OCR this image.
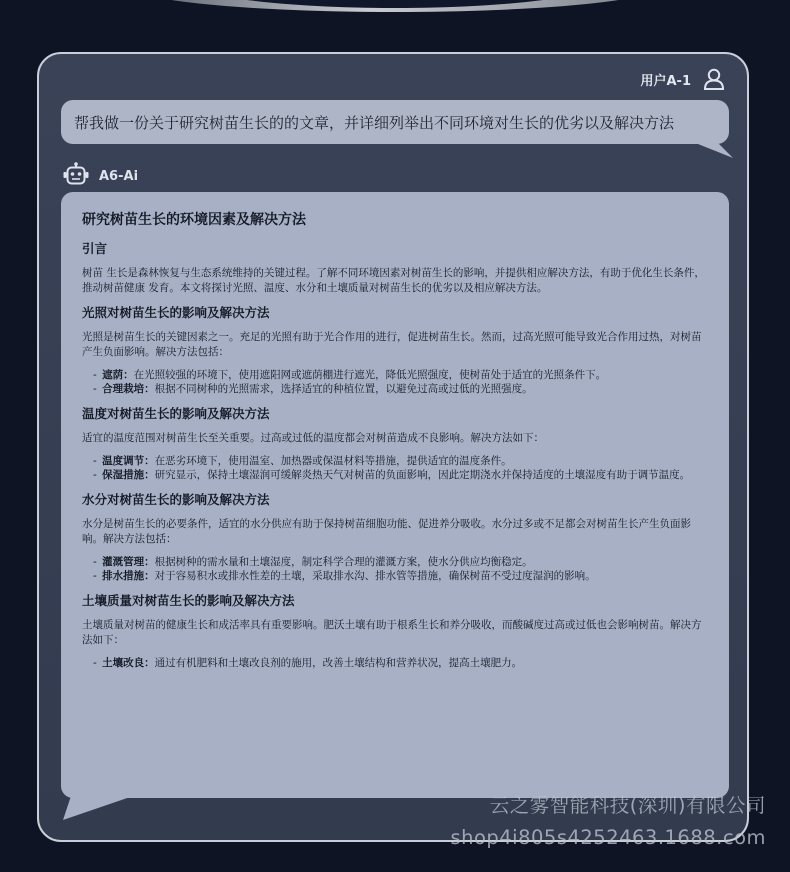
用户A-1
帮我做一份关于研究树苗生长的的文章，并详细列举出不同环境对生长的优劣以及解决方法
A6-Ai
研究树苗生长的环境因素及解决方法
引言
树苗 生长是森林恢复与生态系统维持的关键过程。了解不同环境因素对树苗生长的影响，并提供相应解决方法，有助于优化生长条件，推动树苗健康 发育。本文将探讨光照、温度、水分和土壤质量对树苗生长的优劣以及相应解决方法。
光照对树苗生长的影响及解决方法
光照是树苗生长的关键因素之一。充足的光照有助于光合作用的进行，促进树苗生长。然而，过高光照可能导致光合作用过热，对树苗产生负面影响。解决方法包括：
- 遮荫：在光照较强的环境下，使用遮阳网或遮荫棚进行遮光，降低光照强度，使树苗处于适宜的光照条件下。
- 合理栽培：根据不同树种的光照需求，选择适宜的种植位置，以避免过高或过低的光照强度。
温度对树苗生长的影响及解决方法
适宜的温度范围对树苗生长至关重要。过高或过低的温度都会对树苗造成不良影响。解决方法如下：
- 温度调节：在恶劣环境下，使用温室、加热器或保温材料等措施，提供适宜的温度条件。
- 保湿措施：研究显示，保持土壤湿润可缓解炎热天气对树苗的负面影响，因此定期浇水并保持适度的土壤湿度有助于调节温度。
水分对树苗生长的影响及解决方法
水分是树苗生长的必要条件，适宜的水分供应有助于保持树苗细胞功能、促进养分吸收。水分过多或不足都会对树苗生长产生负面影响。解决方法包括：
- 灌溉管理：根据树种的需水量和土壤湿度，制定科学合理的灌溉方案，使水分供应均衡稳定。
- 排水措施：对于容易积水或排水性差的土壤，采取排水沟、排水管等措施，确保树苗不受过度湿润的影响。
土壤质量对树苗生长的影响及解决方法
土壤质量对树苗的健康生长和成活率具有重要影响。肥沃土壤有助于根系生长和养分吸收，而酸碱度过高或过低也会影响树苗。解决方法如下：
- 土壤改良：通过有机肥料和土壤改良剂的施用，改善土壤结构和营养状况，提高土壤肥力。
云之雾智能科技(深圳)有限公司
shop4i805s4252463.1688.com
